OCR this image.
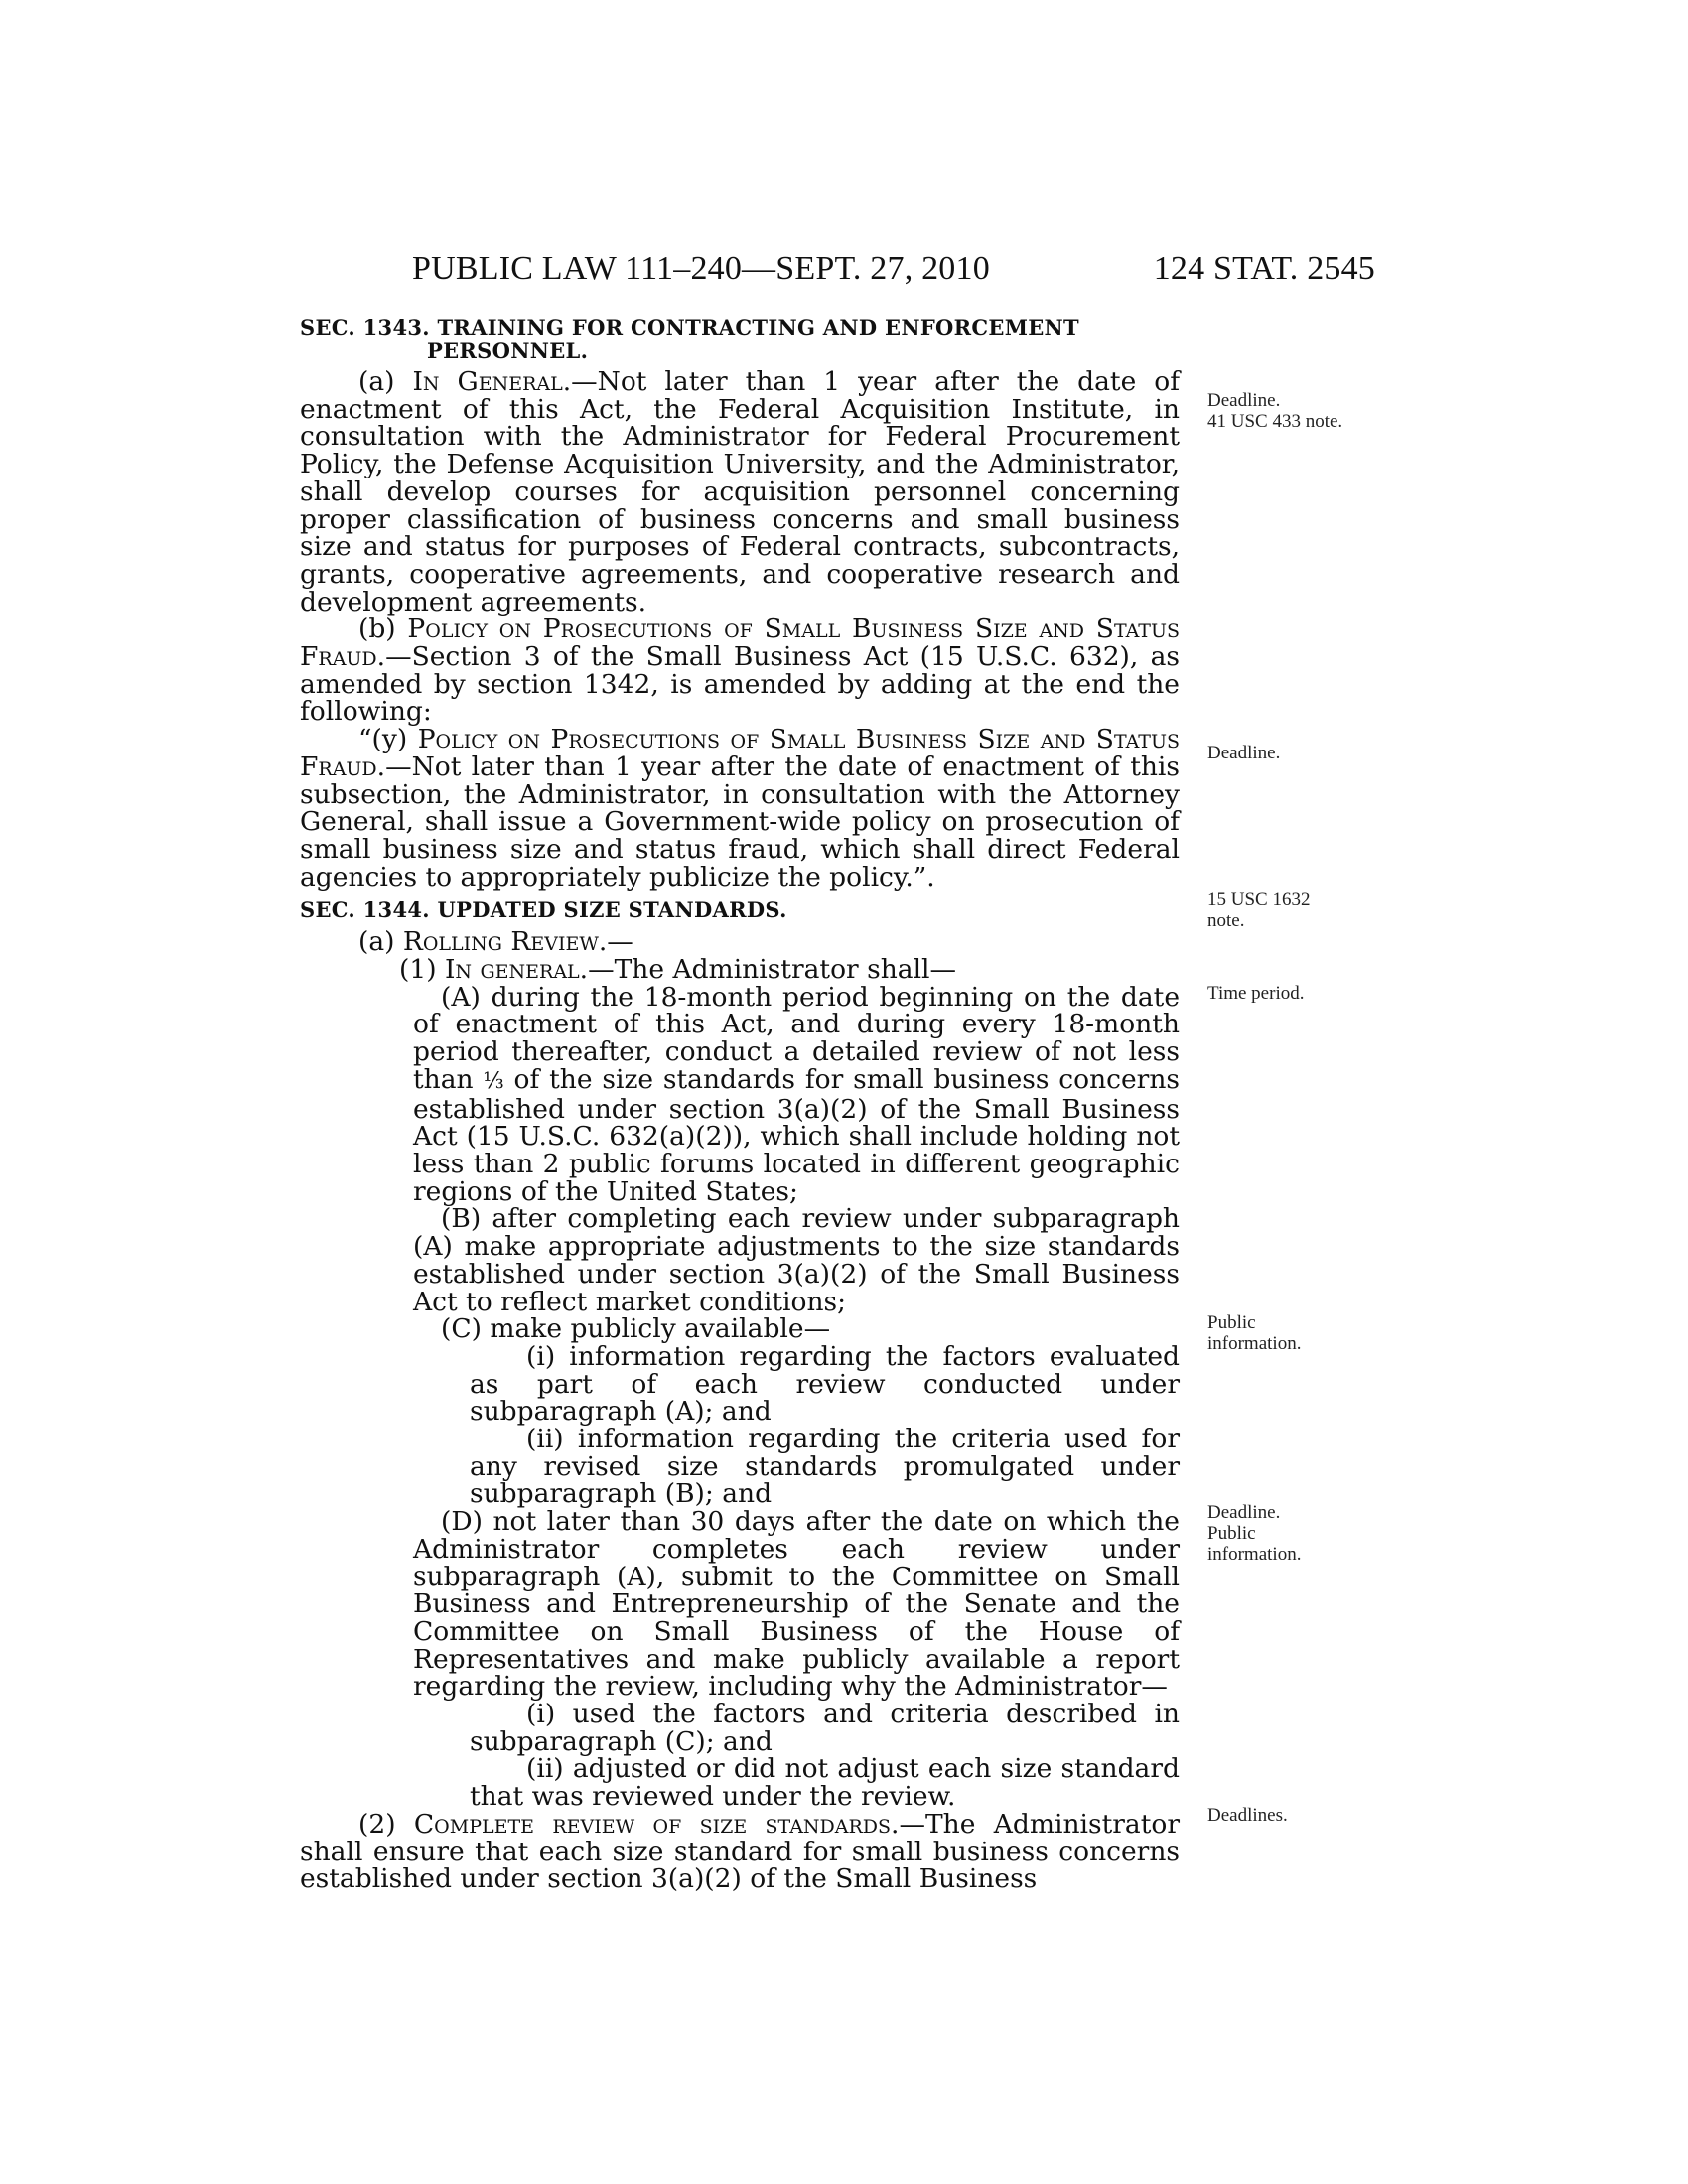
PUBLIC LAW 111–240—SEPT. 27, 2010	124 STAT. 2545

SEC. 1343. TRAINING FOR CONTRACTING AND ENFORCEMENT PERSONNEL.

(a) In General.—Not later than 1 year after the date of enactment of this Act, the Federal Acquisition Institute, in consultation with the Administrator for Federal Procurement Policy, the Defense Acquisition University, and the Administrator, shall develop courses for acquisition personnel concerning proper classification of business concerns and small business size and status for purposes of Federal contracts, subcontracts, grants, cooperative agreements, and cooperative research and development agreements.

(b) Policy on Prosecutions of Small Business Size and Status Fraud.—Section 3 of the Small Business Act (15 U.S.C. 632), as amended by section 1342, is amended by adding at the end the following:

“(y) Policy on Prosecutions of Small Business Size and Status Fraud.—Not later than 1 year after the date of enactment of this subsection, the Administrator, in consultation with the Attorney General, shall issue a Government-wide policy on prosecution of small business size and status fraud, which shall direct Federal agencies to appropriately publicize the policy.”.

SEC. 1344. UPDATED SIZE STANDARDS.

(a) Rolling Review.—

(1) In general.—The Administrator shall—

(A) during the 18-month period beginning on the date of enactment of this Act, and during every 18-month period thereafter, conduct a detailed review of not less than ⅓ of the size standards for small business concerns established under section 3(a)(2) of the Small Business Act (15 U.S.C. 632(a)(2)), which shall include holding not less than 2 public forums located in different geographic regions of the United States;

(B) after completing each review under subparagraph (A) make appropriate adjustments to the size standards established under section 3(a)(2) of the Small Business Act to reflect market conditions;

(C) make publicly available—

(i) information regarding the factors evaluated as part of each review conducted under subparagraph (A); and

(ii) information regarding the criteria used for any revised size standards promulgated under subparagraph (B); and

(D) not later than 30 days after the date on which the Administrator completes each review under subparagraph (A), submit to the Committee on Small Business and Entrepreneurship of the Senate and the Committee on Small Business of the House of Representatives and make publicly available a report regarding the review, including why the Administrator—

(i) used the factors and criteria described in subparagraph (C); and

(ii) adjusted or did not adjust each size standard that was reviewed under the review.

(2) Complete review of size standards.—The Administrator shall ensure that each size standard for small business concerns established under section 3(a)(2) of the Small Business

Deadline.
41 USC 433 note.
Deadline.
15 USC 1632
note.
Time period.
Public
information.
Deadline.
Public
information.
Deadlines.
